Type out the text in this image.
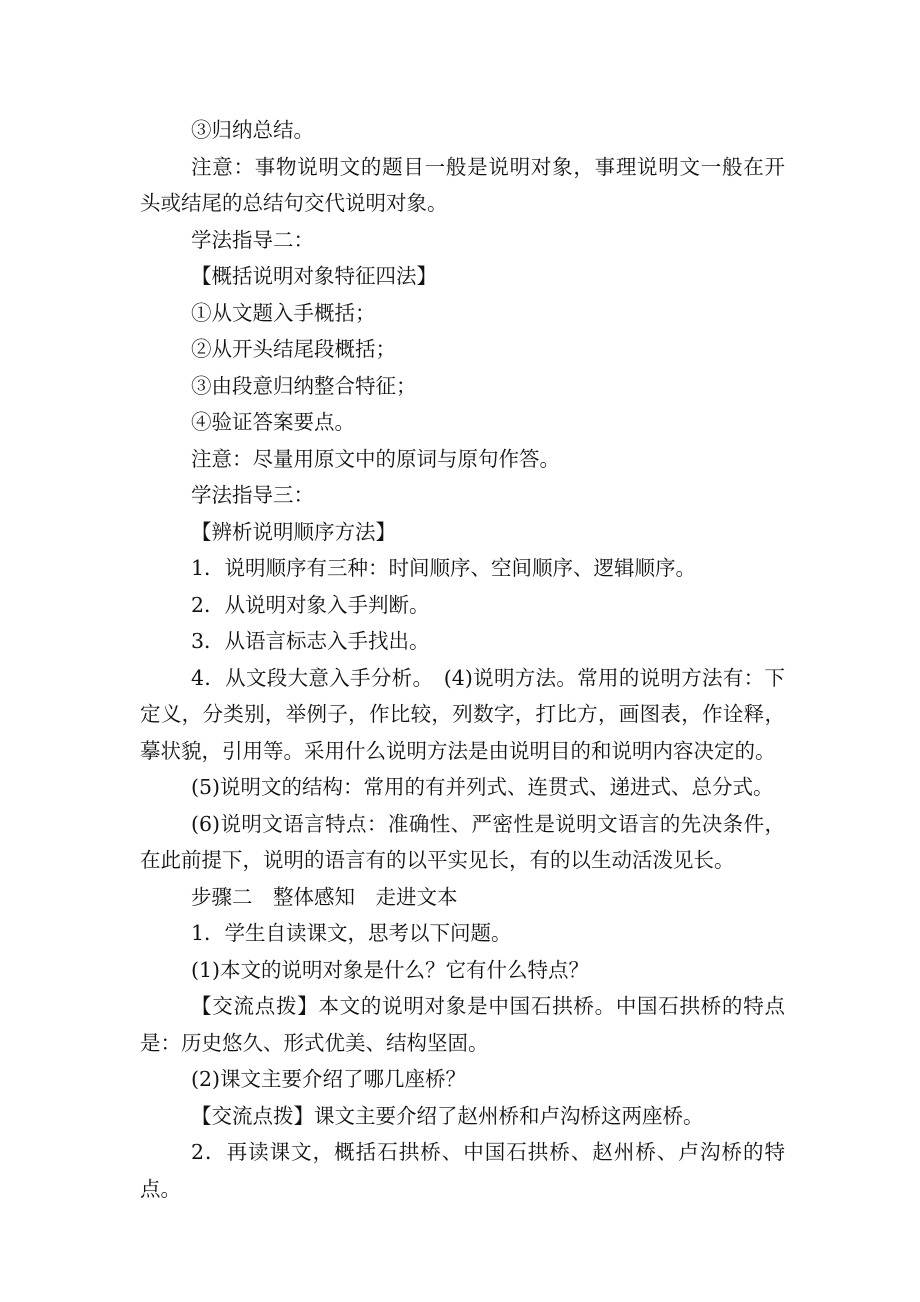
③归纳总结。

注意：事物说明文的题目一般是说明对象，事理说明文一般在开头或结尾的总结句交代说明对象。

学法指导二：

【概括说明对象特征四法】

①从文题入手概括；

②从开头结尾段概括；

③由段意归纳整合特征；

④验证答案要点。

注意：尽量用原文中的原词与原句作答。

学法指导三：

【辨析说明顺序方法】

1．说明顺序有三种：时间顺序、空间顺序、逻辑顺序。

2．从说明对象入手判断。

3．从语言标志入手找出。

4．从文段大意入手分析。　(4)说明方法。常用的说明方法有：下定义，分类别，举例子，作比较，列数字，打比方，画图表，作诠释，摹状貌，引用等。采用什么说明方法是由说明目的和说明内容决定的。

(5)说明文的结构：常用的有并列式、连贯式、递进式、总分式。

(6)说明文语言特点：准确性、严密性是说明文语言的先决条件，在此前提下，说明的语言有的以平实见长，有的以生动活泼见长。

步骤二　整体感知　走进文本

1．学生自读课文，思考以下问题。

(1)本文的说明对象是什么？它有什么特点？

【交流点拨】本文的说明对象是中国石拱桥。中国石拱桥的特点是：历史悠久、形式优美、结构坚固。

(2)课文主要介绍了哪几座桥？

【交流点拨】课文主要介绍了赵州桥和卢沟桥这两座桥。

2．再读课文，概括石拱桥、中国石拱桥、赵州桥、卢沟桥的特点。
